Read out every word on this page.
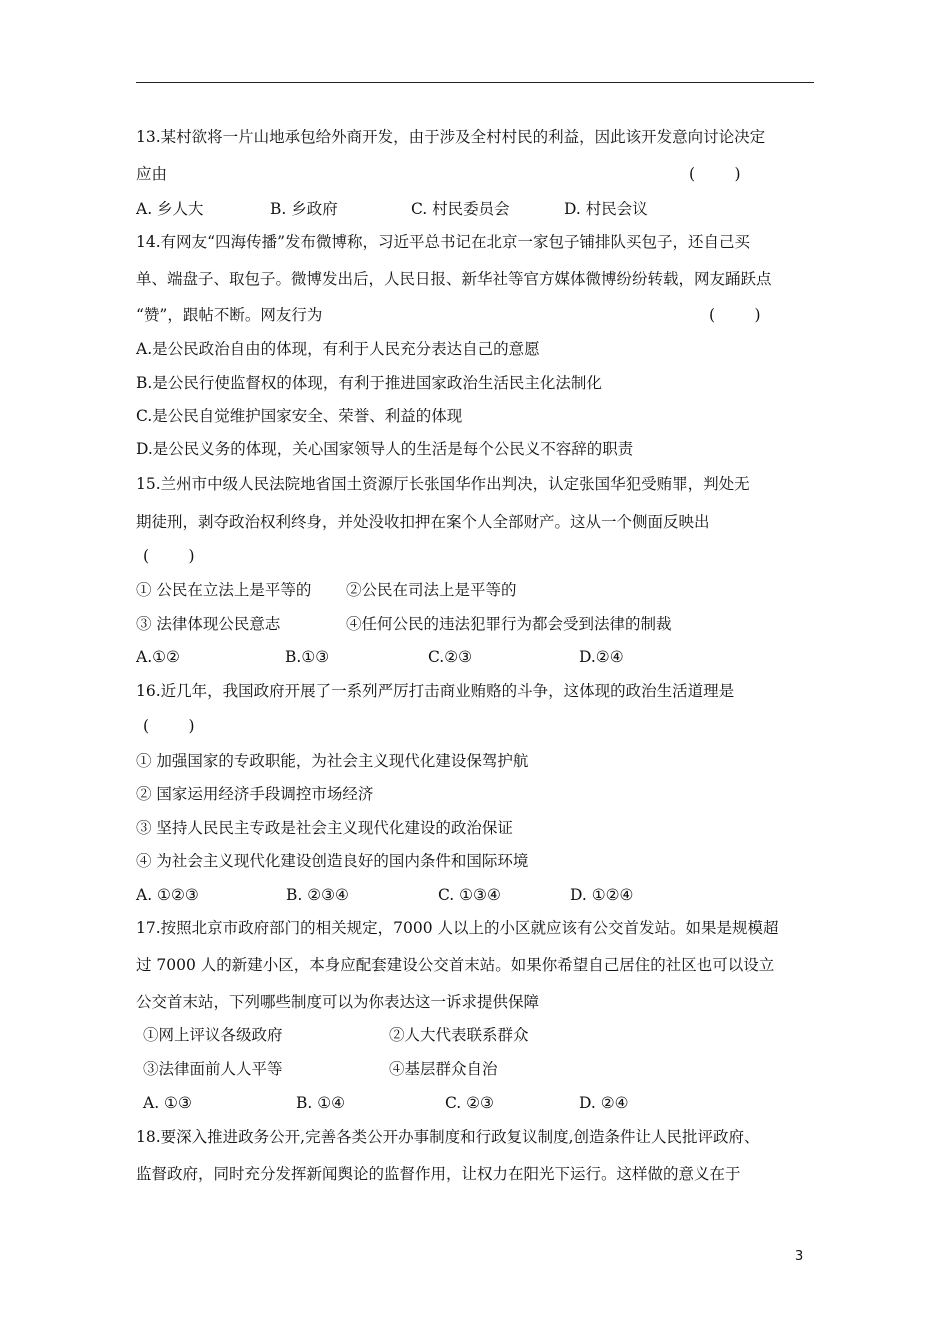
13.某村欲将一片山地承包给外商开发，由于涉及全村村民的利益，因此该开发意向讨论决定
应由	(        )
A. 乡人大	B. 乡政府	C. 村民委员会	D. 村民会议
14.有网友“四海传播”发布微博称，习近平总书记在北京一家包子铺排队买包子，还自己买
单、端盘子、取包子。微博发出后，人民日报、新华社等官方媒体微博纷纷转载，网友踊跃点
“赞”，跟帖不断。网友行为	(        )
A.是公民政治自由的体现，有利于人民充分表达自己的意愿
B.是公民行使监督权的体现，有利于推进国家政治生活民主化法制化
C.是公民自觉维护国家安全、荣誉、利益的体现
D.是公民义务的体现，关心国家领导人的生活是每个公民义不容辞的职责
15.兰州市中级人民法院地省国土资源厅长张国华作出判决，认定张国华犯受贿罪，判处无
期徒刑，剥夺政治权利终身，并处没收扣押在案个人全部财产。这从一个侧面反映出
(        )
① 公民在立法上是平等的 ②公民在司法上是平等的
③ 法律体现公民意志	④任何公民的违法犯罪行为都会受到法律的制裁
A.①②	B.①③	C.②③	D.②④
16.近几年，我国政府开展了一系列严厉打击商业贿赂的斗争，这体现的政治生活道理是
(        )
① 加强国家的专政职能，为社会主义现代化建设保驾护航
② 国家运用经济手段调控市场经济
③ 坚持人民民主专政是社会主义现代化建设的政治保证
④ 为社会主义现代化建设创造良好的国内条件和国际环境
A. ①②③	B. ②③④	C. ①③④	D. ①②④
17.按照北京市政府部门的相关规定，7000 人以上的小区就应该有公交首发站。如果是规模超
过 7000 人的新建小区，本身应配套建设公交首末站。如果你希望自己居住的社区也可以设立
公交首末站，下列哪些制度可以为你表达这一诉求提供保障
①网上评议各级政府	②人大代表联系群众
③法律面前人人平等	④基层群众自治
A. ①③	B. ①④	C. ②③	D. ②④
18.要深入推进政务公开,完善各类公开办事制度和行政复议制度,创造条件让人民批评政府、
监督政府，同时充分发挥新闻舆论的监督作用，让权力在阳光下运行。这样做的意义在于
3
